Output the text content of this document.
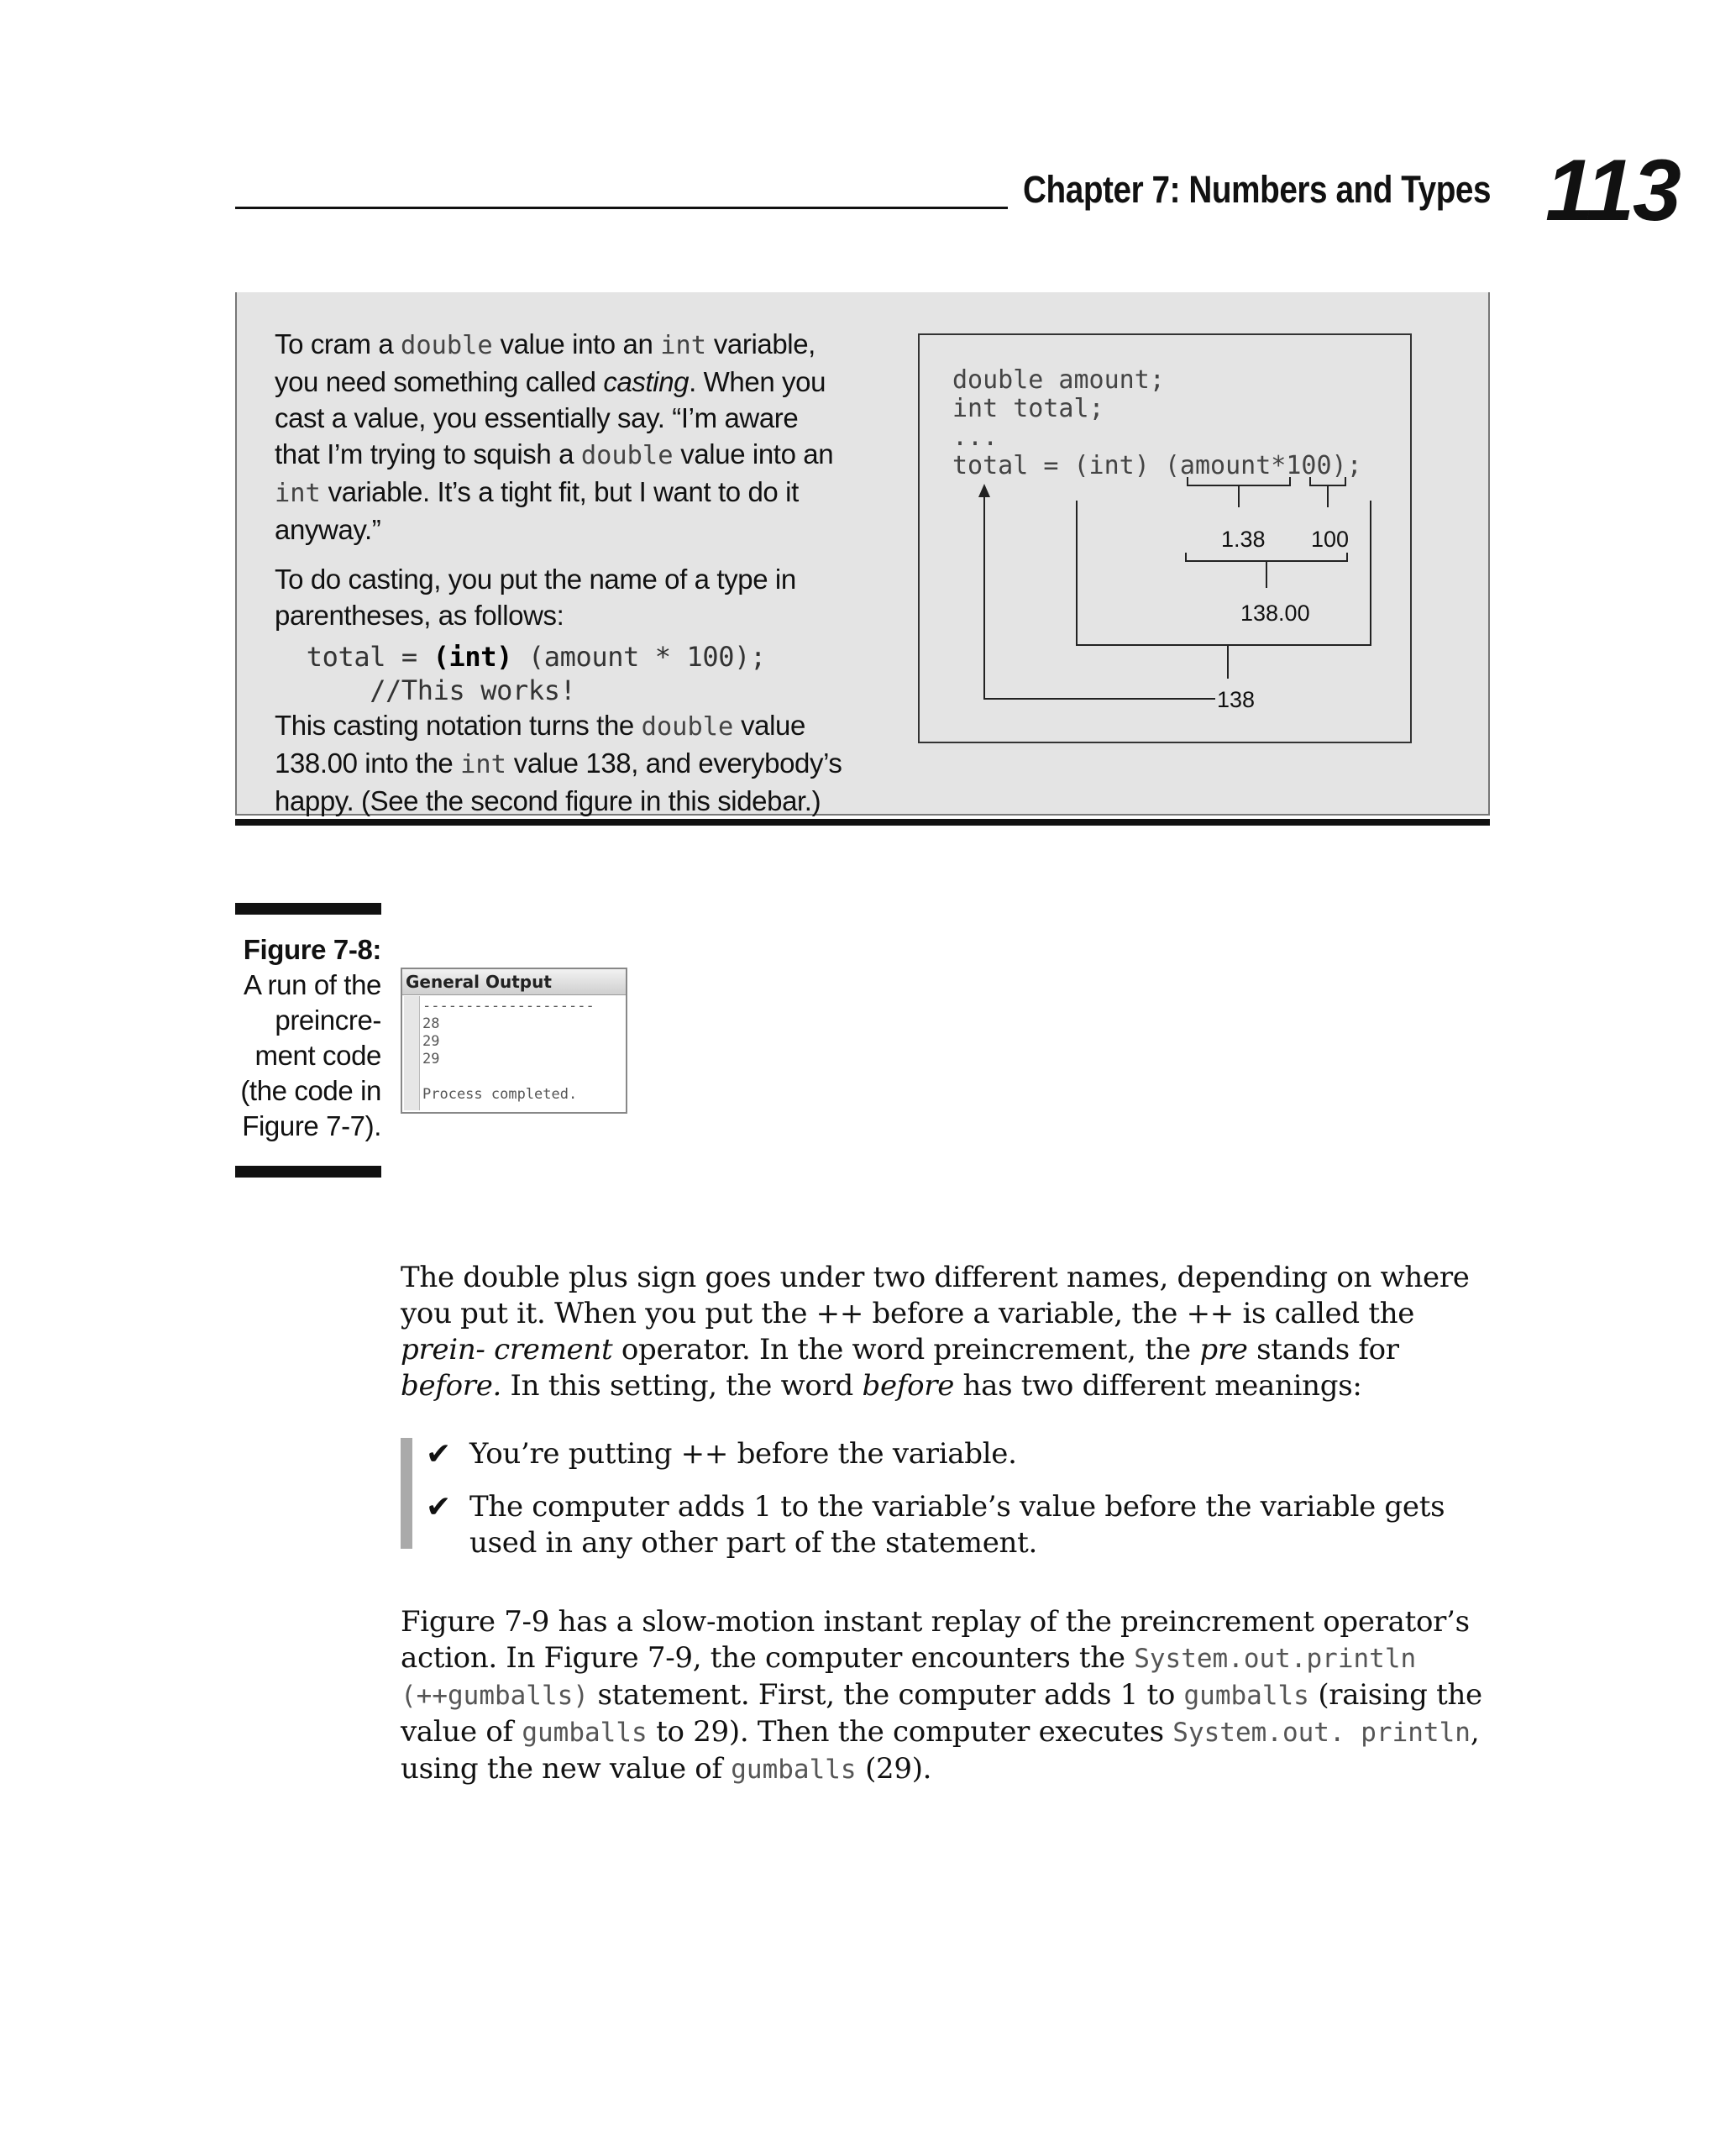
Chapter 7: Numbers and Types 113

To cram a double value into an int variable, you need something called casting. When you cast a value, you essentially say. “I’m aware that I’m trying to squish a double value into an int variable. It’s a tight fit, but I want to do it anyway.”

To do casting, you put the name of a type in parentheses, as follows:

total = (int) (amount * 100);
//This works!

This casting notation turns the double value 138.00 into the int value 138, and everybody’s happy. (See the second figure in this sidebar.)

double amount;
int total;
...
total = (int) (amount*100);
1.38 100
138.00
138
Figure 7-8:
A run of the preincre- ment code (the code in Figure 7-7).
General Output
--------------------
28
29
29
Process completed.

The double plus sign goes under two different names, depending on where you put it. When you put the ++ before a variable, the ++ is called the prein- crement operator. In the word preincrement, the pre stands for before. In this setting, the word before has two different meanings:

✔ You’re putting ++ before the variable.
✔ The computer adds 1 to the variable’s value before the variable gets used in any other part of the statement.

Figure 7-9 has a slow-motion instant replay of the preincrement operator’s action. In Figure 7-9, the computer encounters the System.out.println (++gumballs) statement. First, the computer adds 1 to gumballs (raising the value of gumballs to 29). Then the computer executes System.out. println, using the new value of gumballs (29).
